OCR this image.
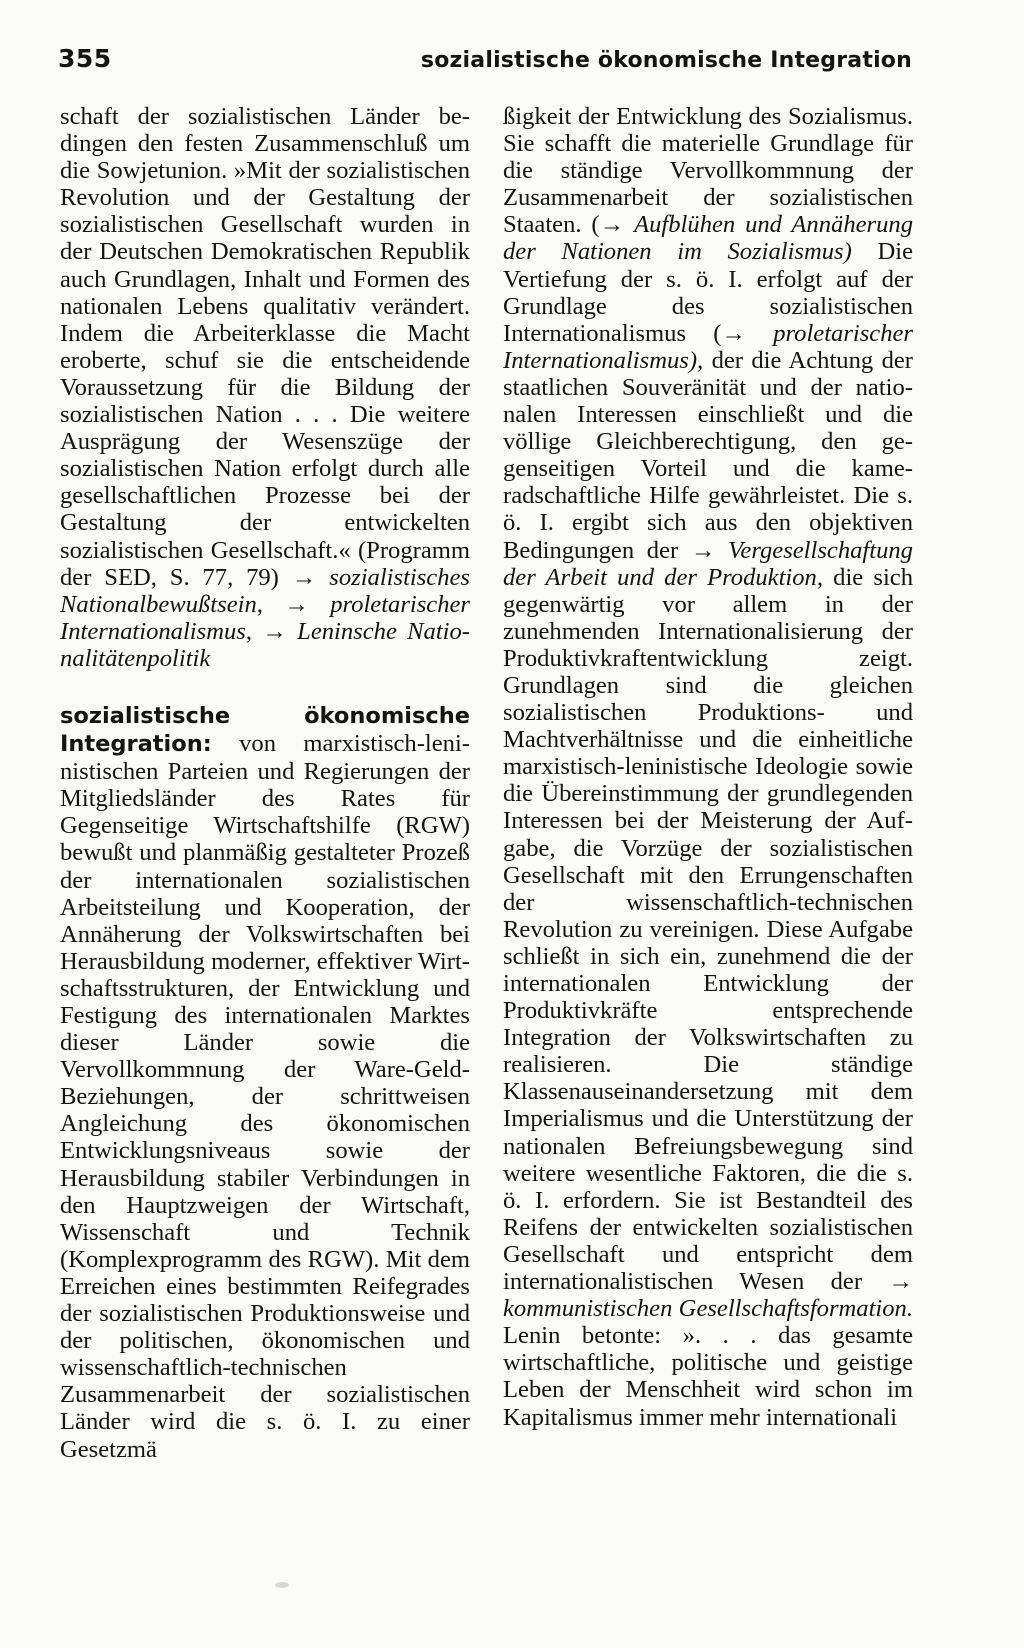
355	sozialistische ökonomische Integration

schaft der sozialistischen Länder bedingen den festen Zusammenschluß um die Sowjetunion. »Mit der sozialistischen Revolution und der Gestaltung der sozialistischen Gesellschaft wurden in der Deutschen Demokratischen Republik auch Grundlagen, Inhalt und Formen des nationalen Lebens qualitativ verändert. Indem die Arbeiterklasse die Macht eroberte, schuf sie die entscheidende Voraussetzung für die Bildung der sozialistischen Nation . . . Die weitere Ausprägung der Wesenszüge der sozialistischen Nation erfolgt durch alle gesellschaftlichen Prozesse bei der Gestaltung der entwickelten sozialistischen Gesellschaft.« (Programm der SED, S. 77, 79) → sozialistisches Nationalbewußtsein, → proletarischer Internationalismus, → Leninsche Nationalitätenpolitik

sozialistische ökonomische Integration: von marxistisch-leninistischen Parteien und Regierungen der Mitgliedsländer des Rates für Gegenseitige Wirtschaftshilfe (RGW) bewußt und planmäßig gestalteter Prozeß der internationalen sozialistischen Arbeitsteilung und Kooperation, der Annäherung der Volkswirtschaften bei Herausbildung moderner, effektiver Wirtschaftsstrukturen, der Entwicklung und Festigung des internationalen Marktes dieser Länder sowie die Vervollkommnung der Ware-Geld-Beziehungen, der schrittweisen Angleichung des ökonomischen Entwicklungsniveaus sowie der Herausbildung stabiler Verbindungen in den Hauptzweigen der Wirtschaft, Wissenschaft und Technik (Komplexprogramm des RGW). Mit dem Erreichen eines bestimmten Reifegrades der sozialistischen Produktionsweise und der politischen, ökonomischen und wissenschaftlich-technischen Zusammenarbeit der sozialistischen Länder wird die s. ö. I. zu einer Gesetzmä

ßigkeit der Entwicklung des Sozialismus. Sie schafft die materielle Grundlage für die ständige Vervollkommnung der Zusammenarbeit der sozialistischen Staaten. (→ Aufblühen und Annäherung der Nationen im Sozialismus) Die Vertiefung der s. ö. I. erfolgt auf der Grundlage des sozialistischen Internationalismus (→ proletarischer Internationalismus), der die Achtung der staatlichen Souveränität und der nationalen Interessen einschließt und die völlige Gleichberechtigung, den gegenseitigen Vorteil und die kameradschaftliche Hilfe gewährleistet. Die s. ö. I. ergibt sich aus den objektiven Bedingungen der → Vergesellschaftung der Arbeit und der Produktion, die sich gegenwärtig vor allem in der zunehmenden Internationalisierung der Produktivkraftentwicklung zeigt. Grundlagen sind die gleichen sozialistischen Produktions- und Machtverhältnisse und die einheitliche marxistisch-leninistische Ideologie sowie die Übereinstimmung der grundlegenden Interessen bei der Meisterung der Aufgabe, die Vorzüge der sozialistischen Gesellschaft mit den Errungenschaften der wissenschaftlich-technischen Revolution zu vereinigen. Diese Aufgabe schließt in sich ein, zunehmend die der internationalen Entwicklung der Produktivkräfte entsprechende Integration der Volkswirtschaften zu realisieren. Die ständige Klassenauseinandersetzung mit dem Imperialismus und die Unterstützung der nationalen Befreiungsbewegung sind weitere wesentliche Faktoren, die die s. ö. I. erfordern. Sie ist Bestandteil des Reifens der entwickelten sozialistischen Gesellschaft und entspricht dem internationalistischen Wesen der → kommunistischen Gesellschaftsformation. Lenin betonte: ». . . das gesamte wirtschaftliche, politische und geistige Leben der Menschheit wird schon im Kapitalismus immer mehr internationali
